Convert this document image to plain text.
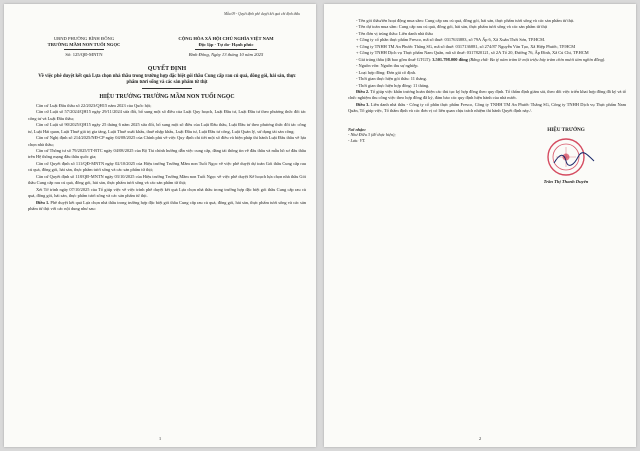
Mẫu 09 - Quyết định phê duyệt kết quả chỉ định thầu
UBND PHƯỜNG BÌNH ĐÔNG
TRƯỜNG MẦM NON TUỔI NGỌC
Số: 125/QĐ-MNTN
CỘNG HÒA XÃ HỘI CHỦ NGHĨA VIỆT NAM
Độc lập - Tự do- Hạnh phúc
Bình Đông, Ngày 13 tháng 10 năm 2025
QUYẾT ĐỊNH
Về việc phê duyệt kết quả Lựa chọn nhà thầu trong trường hợp đặc biệt gói thầu Cung cấp rau củ quả, đông gói, hải sản, thực phẩm tươi sống và các sản phẩm từ thịt
HIỆU TRƯỞNG TRƯỜNG MẦM NON TUỔI NGỌC

Căn cứ Luật Đấu thầu số 22/2023/QH15 năm 2023 của Quốc hội;

Căn cứ Luật số 57/2024/QH15 ngày 29/11/2024 sửa đổi, bổ sung một số điều của Luật Quy hoạch, Luật Đầu tư, Luật Đầu tư theo phương thức đối tác công tư và Luật Đấu thầu;

Căn cứ Luật số 90/2025/QH15 ngày 25 tháng 6 năm 2025 sửa đổi, bổ sung một số điều của Luật Đấu thầu, Luật Đầu tư theo phương thức đối tác công tư, Luật Hải quan, Luật Thuế giá trị gia tăng, Luật Thuế xuất khẩu, thuế nhập khẩu, Luật Đầu tư, Luật Đầu tư công, Luật Quản lý, sử dụng tài sản công;

Căn cứ Nghị định số 214/2025/NĐ-CP ngày 04/08/2025 của Chính phủ về việc Quy định chi tiết một số điều và biện pháp thi hành Luật Đấu thầu về lựa chọn nhà thầu;

Căn cứ Thông tư số 79/2025/TT-BTC ngày 04/08/2025 của Bộ Tài chính hướng dẫn việc cung cấp, đăng tải thông tin về đấu thầu và mẫu hồ sơ đấu thầu trên Hệ thống mạng đấu thầu quốc gia;

Căn cứ Quyết định số 111/QĐ-MNTN ngày 02/10/2025 của Hiệu trưởng Trường Mầm non Tuổi Ngọc về việc phê duyệt dự toán Gói thầu Cung cấp rau củ quả, đông gói, hải sản, thực phẩm tươi sống và các sản phẩm từ thịt;

Căn cứ Quyết định số 118/QĐ-MNTN ngày 03/10/2025 của Hiệu trưởng Trường Mầm non Tuổi Ngọc về việc phê duyệt Kế hoạch lựa chọn nhà thầu Gói thầu Cung cấp rau củ quả, đông gói, hải sản, thực phẩm tươi sống và các sản phẩm từ thịt;

Xét Tờ trình ngày 07/10/2025 của Tổ giúp việc về việc trình phê duyệt kết quả Lựa chọn nhà thầu trong trường hợp đặc biệt gói thầu Cung cấp rau củ quả, đông gói, hải sản, thực phẩm tươi sống và các sản phẩm từ thịt.

Điều 1. Phê duyệt kết quả Lựa chọn nhà thầu trong trường hợp đặc biệt gói thầu Cung cấp rau củ quả, đông gói, hải sản, thực phẩm tươi sống và các sản phẩm từ thịt với các nội dung như sau:

1

- Tên gói thầu/tên hoạt động mua sắm: Cung cấp rau củ quả, đông gói, hải sản, thực phẩm tươi sống và các sản phẩm từ thịt.

- Tên dự toán mua sắm: Cung cấp rau củ quả, đông gói, hải sản, thực phẩm tươi sống và các sản phẩm từ thịt

- Tên đơn vị trúng thầu: Liên danh nhà thầu

+ Công ty cổ phần thực phẩm Fresco, mã số thuế: 0317633883, số 79A Ấp 6, Xã Xuân Thới Sơn, TP.HCM.

+ Công ty TNHH TM An Phước Thắng SG, mã số thuế: 0317136881, số 274/87 Nguyễn Văn Tạo, Xã Hiệp Phước, TP.HCM

+ Công ty TNHH Dịch vụ Thực phẩm Nam Quân, mã số thuế: 0317820121, số 2A Tổ 20, Đường 76, Ấp Đình, Xã Củ Chi, TP.HCM

- Giá trúng thầu (đã bao gồm thuế GTGT): 3.501.798.000 đồng (Bằng chữ: Ba tỷ năm trăm lẻ một triệu bảy trăm chín mươi tám nghìn đồng).

- Nguồn vốn: Nguồn thu sự nghiệp.

- Loại hợp đồng: Đơn giá cố định.

- Thời gian thực hiện gói thầu: 11 tháng.

- Thời gian thực hiện hợp đồng: 11 tháng.

Điều 2. Tổ giúp việc khẩn trương hoàn thiện các thủ tục ký hợp đồng theo quy định. Tổ thẩm định giám sát, theo dõi việc triển khai hợp đồng đã ký và tổ chức nghiệm thu công việc theo hợp đồng đã ký, đảm bảo các quy định hiện hành của nhà nước.

Điều 3. Liên danh nhà thầu - Công ty cổ phần thực phẩm Fresco, Công ty TNHH TM An Phước Thắng SG, Công ty TNHH Dịch vụ Thực phẩm Nam Quân, Tổ giúp việc, Tổ thẩm định và các đơn vị có liên quan chịu trách nhiệm thi hành Quyết định này./.

Nơi nhận:
- Như Điều 3 (để thực hiện);
- Lưu: VT.
HIỆU TRƯỞNG
Trần Thị Thanh Duyên
2
